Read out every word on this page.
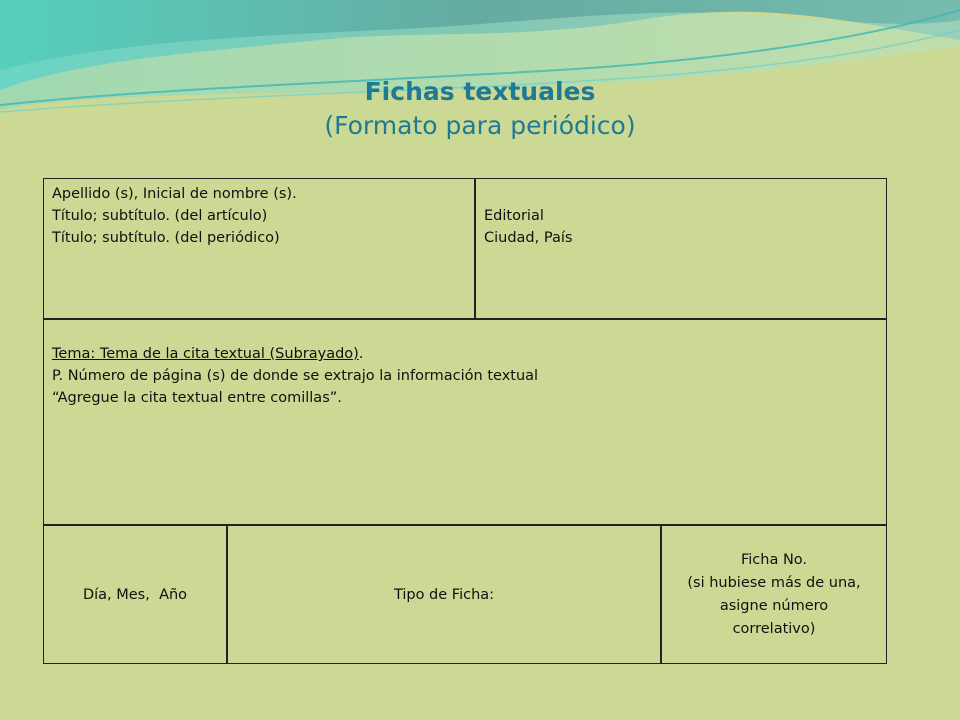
Fichas textuales
(Formato para periódico)
Apellido (s), Inicial de nombre (s).
Título; subtítulo. (del artículo)
Título; subtítulo. (del periódico)
Editorial
Ciudad, País
Tema: Tema de la cita textual (Subrayado).
P. Número de página (s) de donde se extrajo la información textual
“Agregue la cita textual entre comillas”.
Día, Mes,  Año	Tipo de Ficha:
Ficha No.
(si hubiese más de una,
asigne número
correlativo)
